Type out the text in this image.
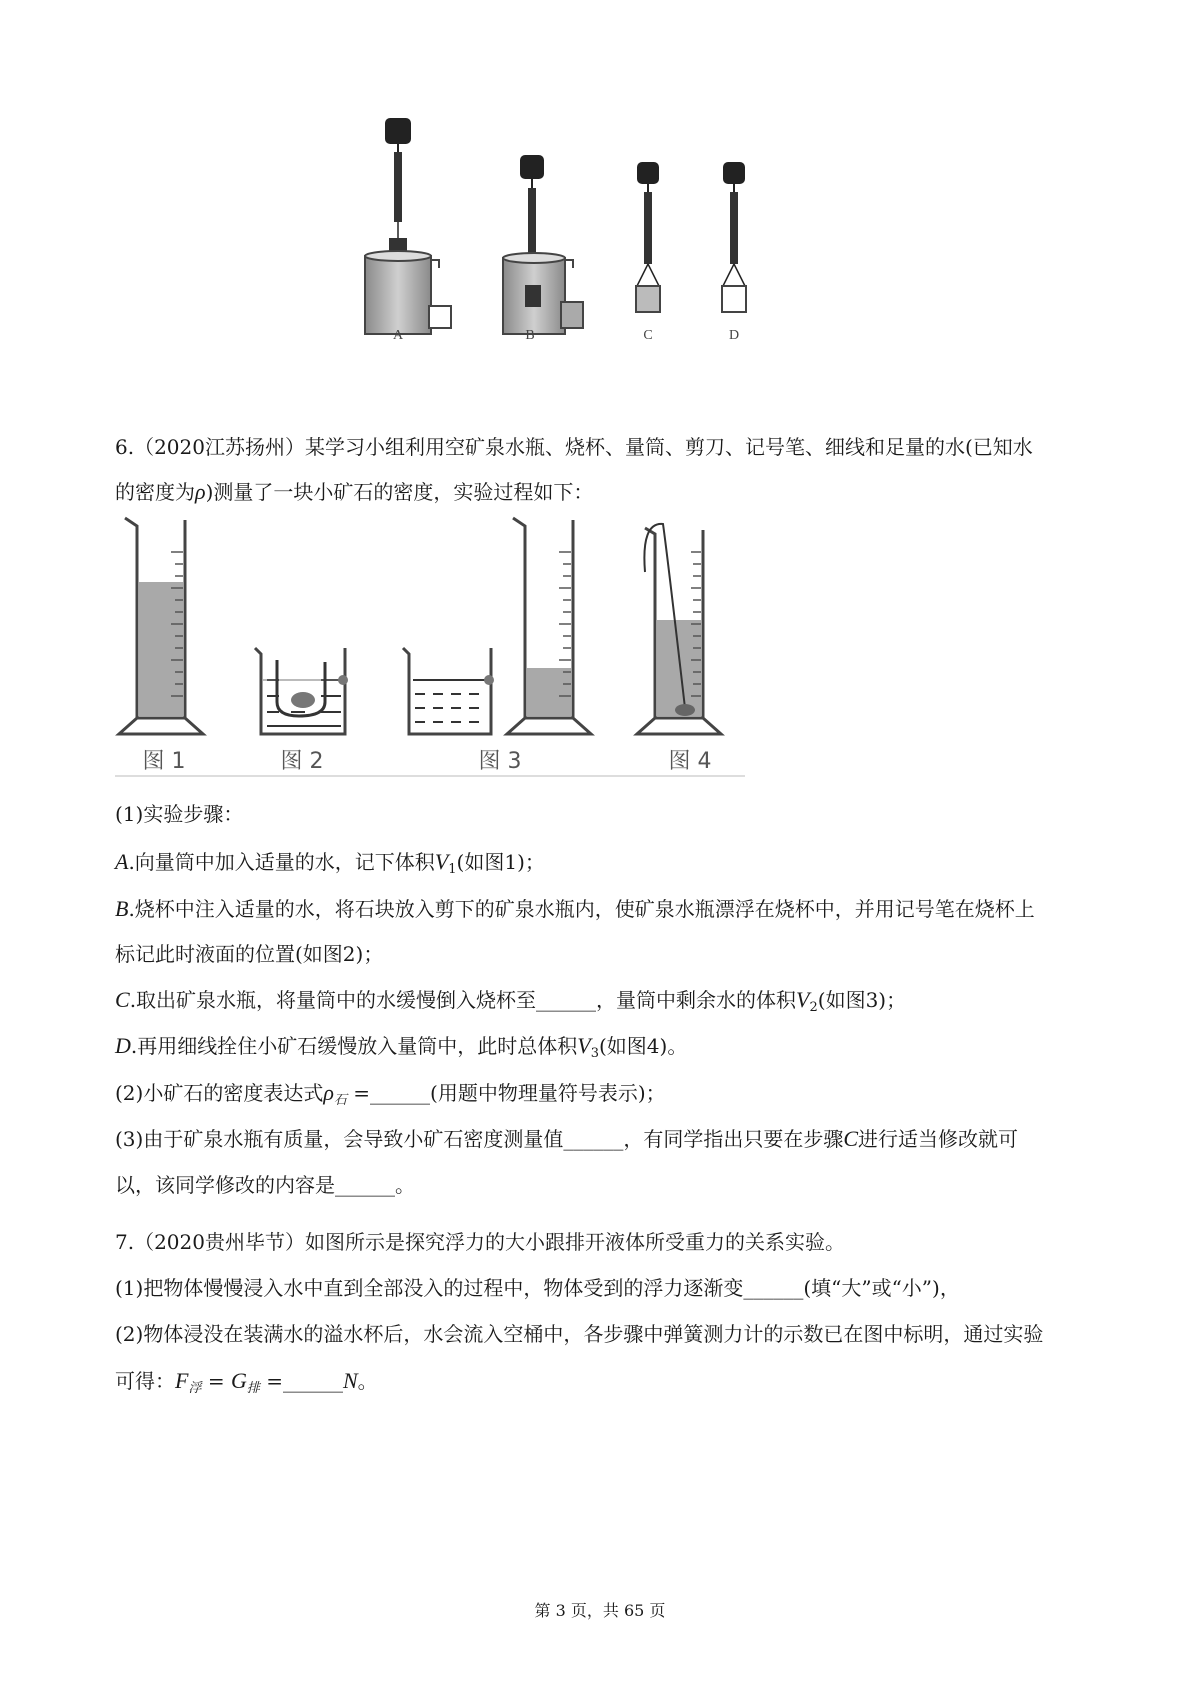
A	B	C	D
6.（2020江苏扬州）某学习小组利用空矿泉水瓶、烧杯、量筒、剪刀、记号笔、细线和足量的水(已知水
的密度为ρ)测量了一块小矿石的密度，实验过程如下：
图 1	图 2	图 3	图 4
(1)实验步骤：
A.向量筒中加入适量的水，记下体积$V_1$(如图1)；
B.烧杯中注入适量的水，将石块放入剪下的矿泉水瓶内，使矿泉水瓶漂浮在烧杯中，并用记号笔在烧杯上
标记此时液面的位置(如图2)；
C.取出矿泉水瓶，将量筒中的水缓慢倒入烧杯至______，量筒中剩余水的体积$V_2$(如图3)；
D.再用细线拴住小矿石缓慢放入量筒中，此时总体积$V_3$(如图4)。
(2)小矿石的密度表达式$\rho_石$ =______(用题中物理量符号表示)；
(3)由于矿泉水瓶有质量，会导致小矿石密度测量值______，有同学指出只要在步骤C进行适当修改就可
以，该同学修改的内容是______。
7.（2020贵州毕节）如图所示是探究浮力的大小跟排开液体所受重力的关系实验。
(1)把物体慢慢浸入水中直到全部没入的过程中，物体受到的浮力逐渐变______(填“大”或“小”)，
(2)物体浸没在装满水的溢水杯后，水会流入空桶中，各步骤中弹簧测力计的示数已在图中标明，通过实验
可得：$F_浮 = G_排$ =______N。
第 3 页，共 65 页
